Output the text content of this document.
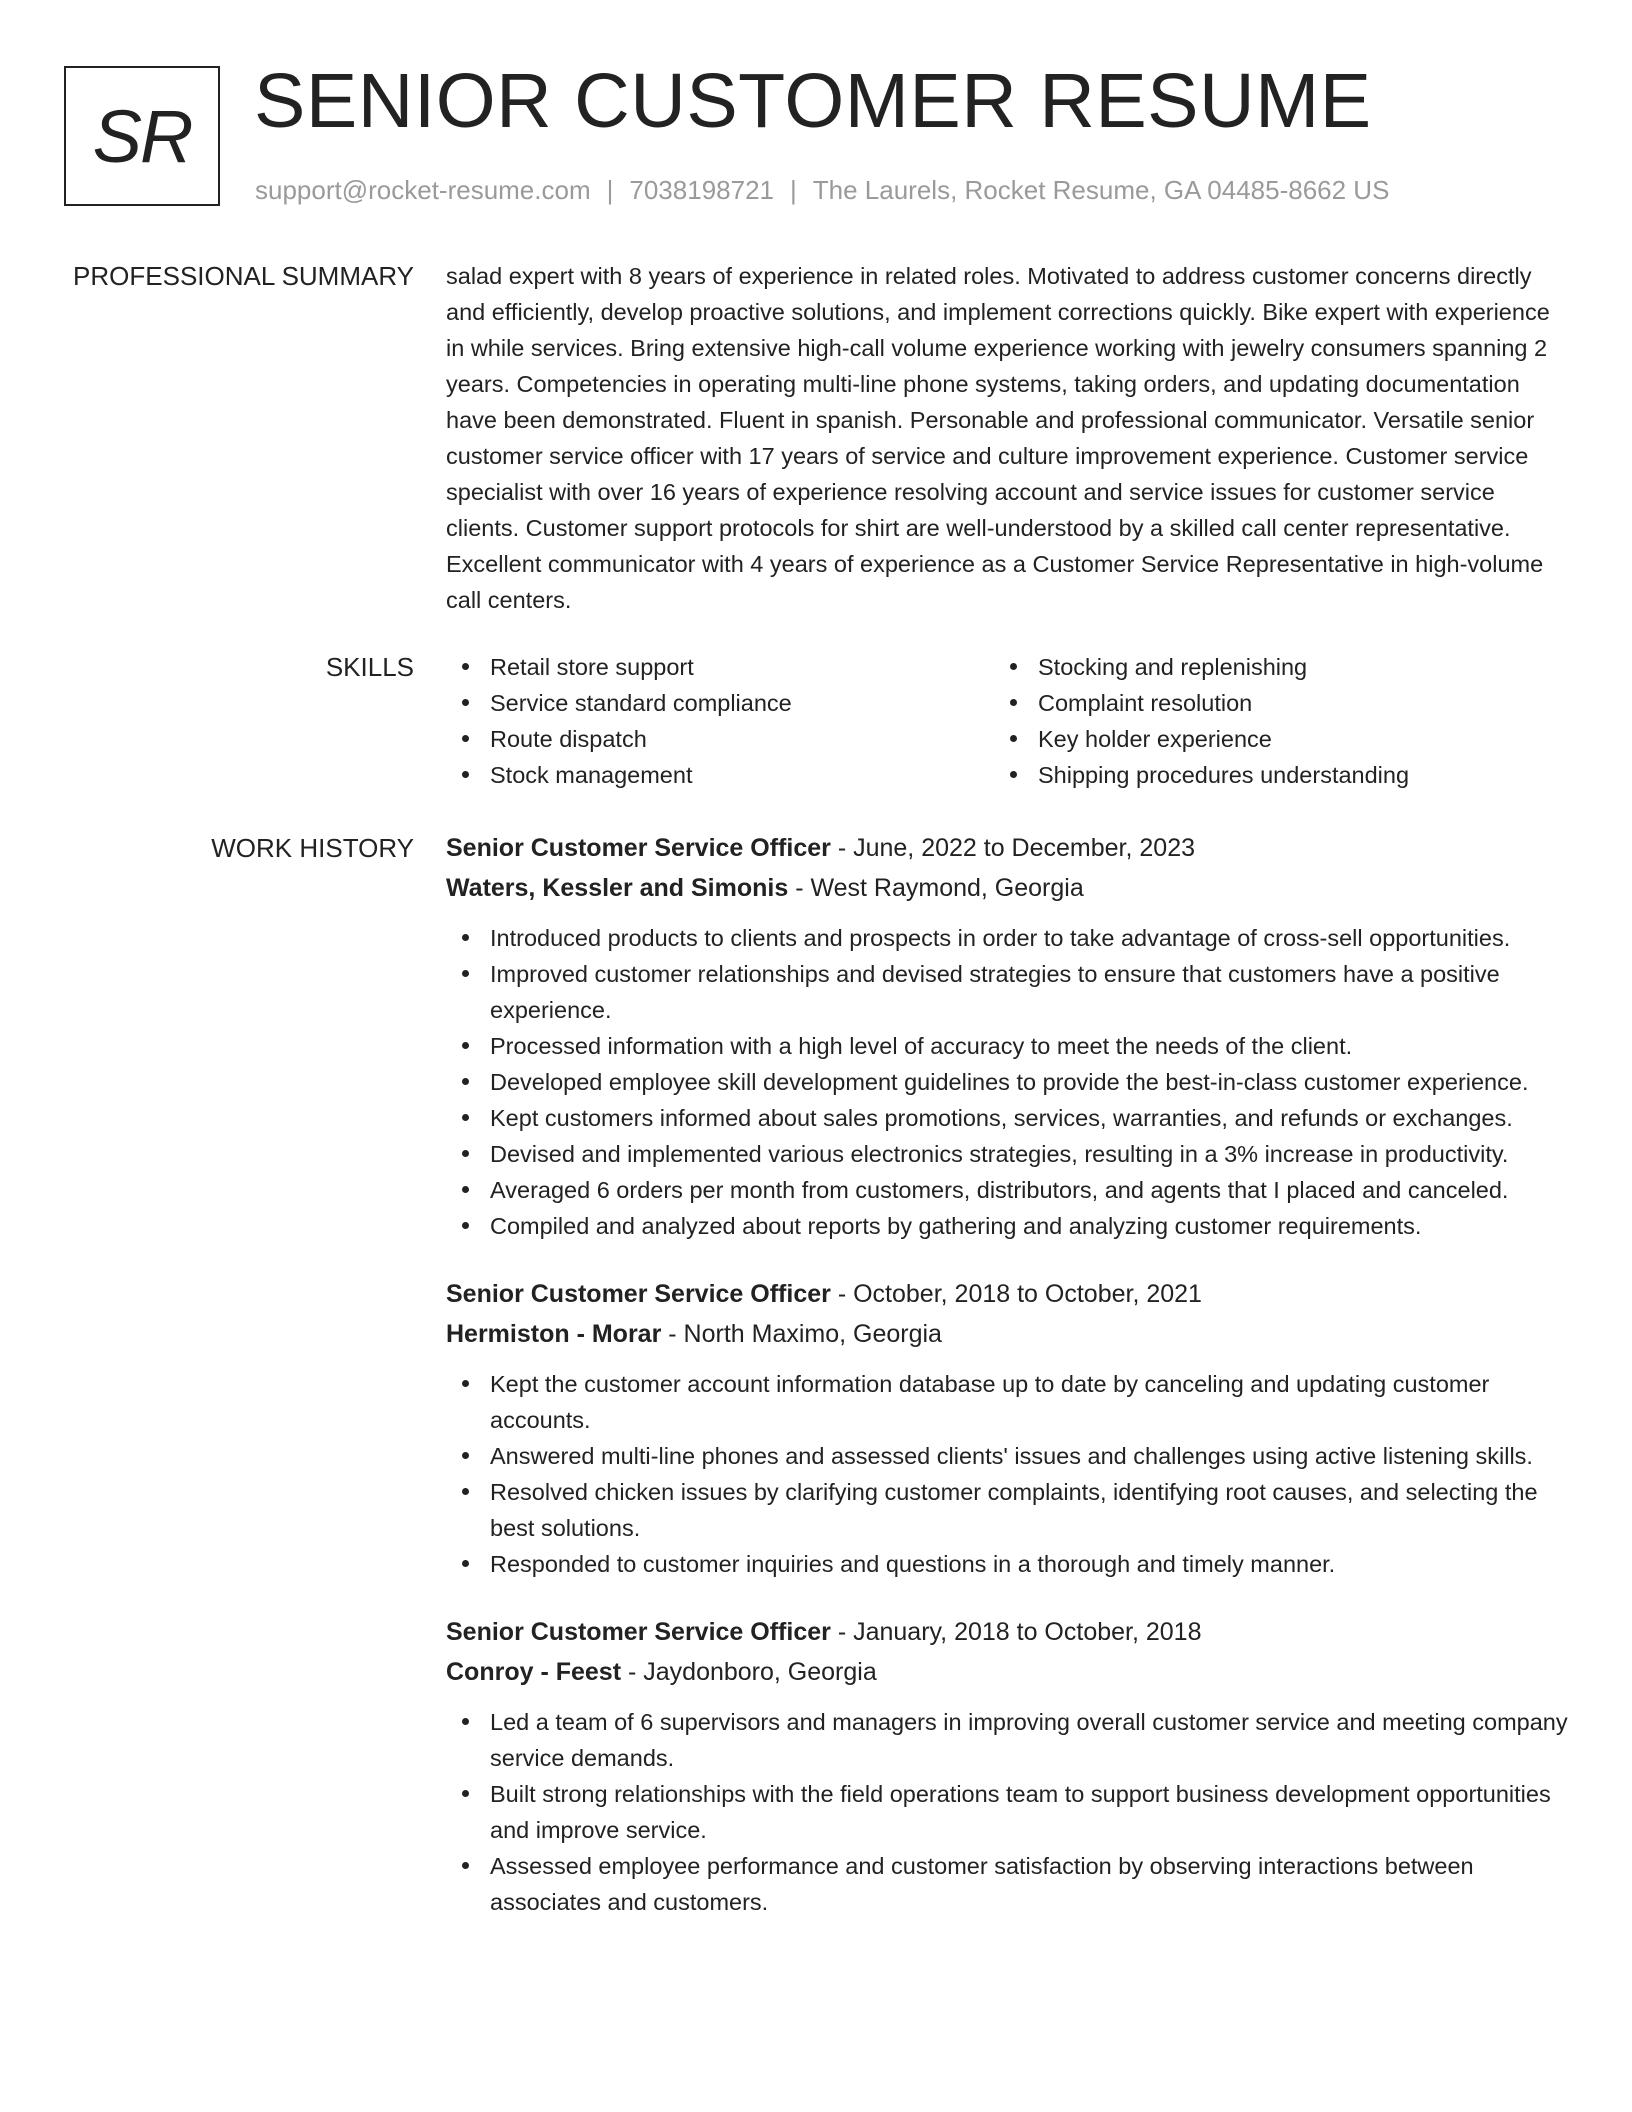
SR SENIOR CUSTOMER RESUME
support@rocket-resume.com | 7038198721 | The Laurels, Rocket Resume, GA 04485-8662 US
PROFESSIONAL SUMMARY salad expert with 8 years of experience in related roles. Motivated to address customer concerns directly and efficiently, develop proactive solutions, and implement corrections quickly. Bike expert with experience in while services. Bring extensive high-call volume experience working with jewelry consumers spanning 2 years. Competencies in operating multi-line phone systems, taking orders, and updating documentation have been demonstrated. Fluent in spanish. Personable and professional communicator. Versatile senior customer service officer with 17 years of service and culture improvement experience. Customer service specialist with over 16 years of experience resolving account and service issues for customer service clients. Customer support protocols for shirt are well-understood by a skilled call center representative. Excellent communicator with 4 years of experience as a Customer Service Representative in high-volume call centers.

SKILLS	Retail store support
Service standard compliance
Route dispatch
Stock management
Stocking and replenishing
Complaint resolution
Key holder experience
Shipping procedures understanding
WORK HISTORY Senior Customer Service Officer - June, 2022 to December, 2023
Waters, Kessler and Simonis - West Raymond, Georgia
Introduced products to clients and prospects in order to take advantage of cross-sell opportunities.
Improved customer relationships and devised strategies to ensure that customers have a positive experience.
Processed information with a high level of accuracy to meet the needs of the client.
Developed employee skill development guidelines to provide the best-in-class customer experience.
Kept customers informed about sales promotions, services, warranties, and refunds or exchanges.
Devised and implemented various electronics strategies, resulting in a 3% increase in productivity.
Averaged 6 orders per month from customers, distributors, and agents that I placed and canceled.
Compiled and analyzed about reports by gathering and analyzing customer requirements.
Senior Customer Service Officer - October, 2018 to October, 2021
Hermiston - Morar - North Maximo, Georgia
Kept the customer account information database up to date by canceling and updating customer accounts.
Answered multi-line phones and assessed clients' issues and challenges using active listening skills.
Resolved chicken issues by clarifying customer complaints, identifying root causes, and selecting the best solutions.
Responded to customer inquiries and questions in a thorough and timely manner.
Senior Customer Service Officer - January, 2018 to October, 2018
Conroy - Feest - Jaydonboro, Georgia
Led a team of 6 supervisors and managers in improving overall customer service and meeting company service demands.
Built strong relationships with the field operations team to support business development opportunities and improve service.
Assessed employee performance and customer satisfaction by observing interactions between associates and customers.
